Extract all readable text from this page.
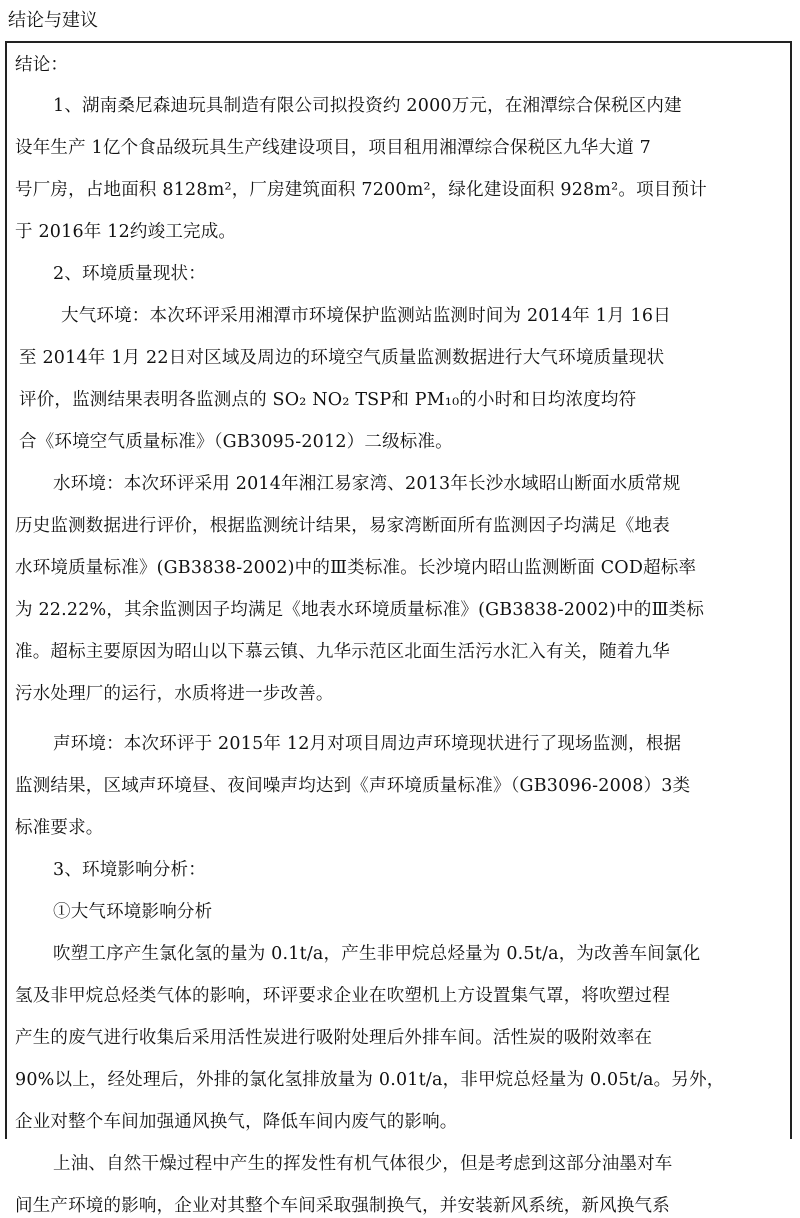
结论与建议
结论：
1、湖南桑尼森迪玩具制造有限公司拟投资约 2000万元，在湘潭综合保税区内建
设年生产 1亿个食品级玩具生产线建设项目，项目租用湘潭综合保税区九华大道 7
号厂房，占地面积 8128m²，厂房建筑面积 7200m²，绿化建设面积 928m²。项目预计
于 2016年 12约竣工完成。
2、环境质量现状：
大气环境：本次环评采用湘潭市环境保护监测站监测时间为 2014年 1月 16日
至 2014年 1月 22日对区域及周边的环境空气质量监测数据进行大气环境质量现状
评价，监测结果表明各监测点的 SO₂ NO₂ TSP和 PM₁₀的小时和日均浓度均符
合《环境空气质量标准》（GB3095-2012）二级标准。
水环境：本次环评采用 2014年湘江易家湾、2013年长沙水域昭山断面水质常规
历史监测数据进行评价，根据监测统计结果，易家湾断面所有监测因子均满足《地表
水环境质量标准》(GB3838-2002)中的Ⅲ类标准。长沙境内昭山监测断面 COD超标率
为 22.22%，其余监测因子均满足《地表水环境质量标准》(GB3838-2002)中的Ⅲ类标
准。超标主要原因为昭山以下慕云镇、九华示范区北面生活污水汇入有关，随着九华
污水处理厂的运行，水质将进一步改善。
声环境：本次环评于 2015年 12月对项目周边声环境现状进行了现场监测，根据
监测结果，区域声环境昼、夜间噪声均达到《声环境质量标准》（GB3096-2008）3类
标准要求。
3、环境影响分析：
①大气环境影响分析
吹塑工序产生氯化氢的量为 0.1t/a，产生非甲烷总烃量为 0.5t/a，为改善车间氯化
氢及非甲烷总烃类气体的影响，环评要求企业在吹塑机上方设置集气罩，将吹塑过程
产生的废气进行收集后采用活性炭进行吸附处理后外排车间。活性炭的吸附效率在
90%以上，经处理后，外排的氯化氢排放量为 0.01t/a，非甲烷总烃量为 0.05t/a。另外，
企业对整个车间加强通风换气，降低车间内废气的影响。
上油、自然干燥过程中产生的挥发性有机气体很少，但是考虑到这部分油墨对车
间生产环境的影响，企业对其整个车间采取强制换气，并安装新风系统，新风换气系
